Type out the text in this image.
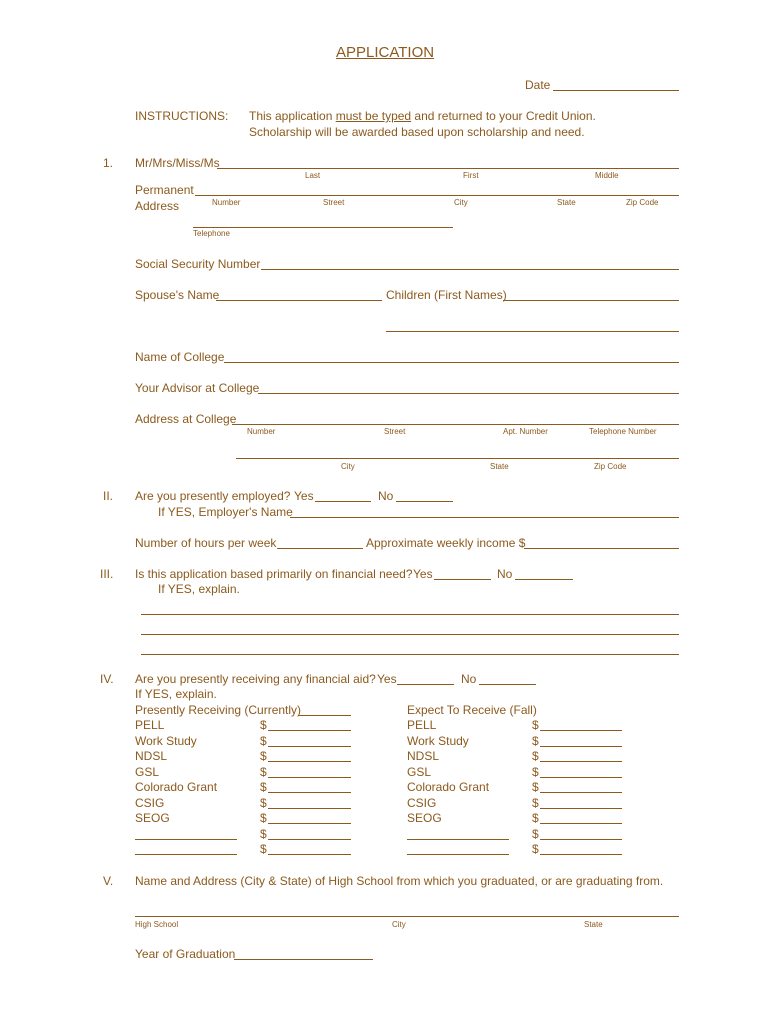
APPLICATION
Date
INSTRUCTIONS: This application must be typed and returned to your Credit Union.
Scholarship will be awarded based upon scholarship and need.
1. Mr/Mrs/Miss/Ms
Last	First	Middle
Permanent
Address	Number	Street	City	State	Zip Code
Telephone
Social Security Number
Spouse's Name	Children (First Names)
Name of College
Your Advisor at College
Address at College
Number	Street	Apt. Number	Telephone Number
City	State	Zip Code
II. Are you presently employed? Yes	No
If YES, Employer's Name
Number of hours per week	Approximate weekly income $
III. Is this application based primarily on financial need? Yes	No
If YES, explain.
IV. Are you presently receiving any financial aid? Yes	No
If YES, explain.
Presently Receiving (Currently)	Expect To Receive (Fall)
PELL	$	PELL	$
Work Study	$	Work Study	$
NDSL	$	NDSL	$
GSL	$	GSL	$
Colorado Grant	$	Colorado Grant	$
CSIG	$	CSIG	$
SEOG	$	SEOG	$
$	$
$	$
V. Name and Address (City & State) of High School from which you graduated, or are graduating from.
High School	City	State
Year of Graduation
